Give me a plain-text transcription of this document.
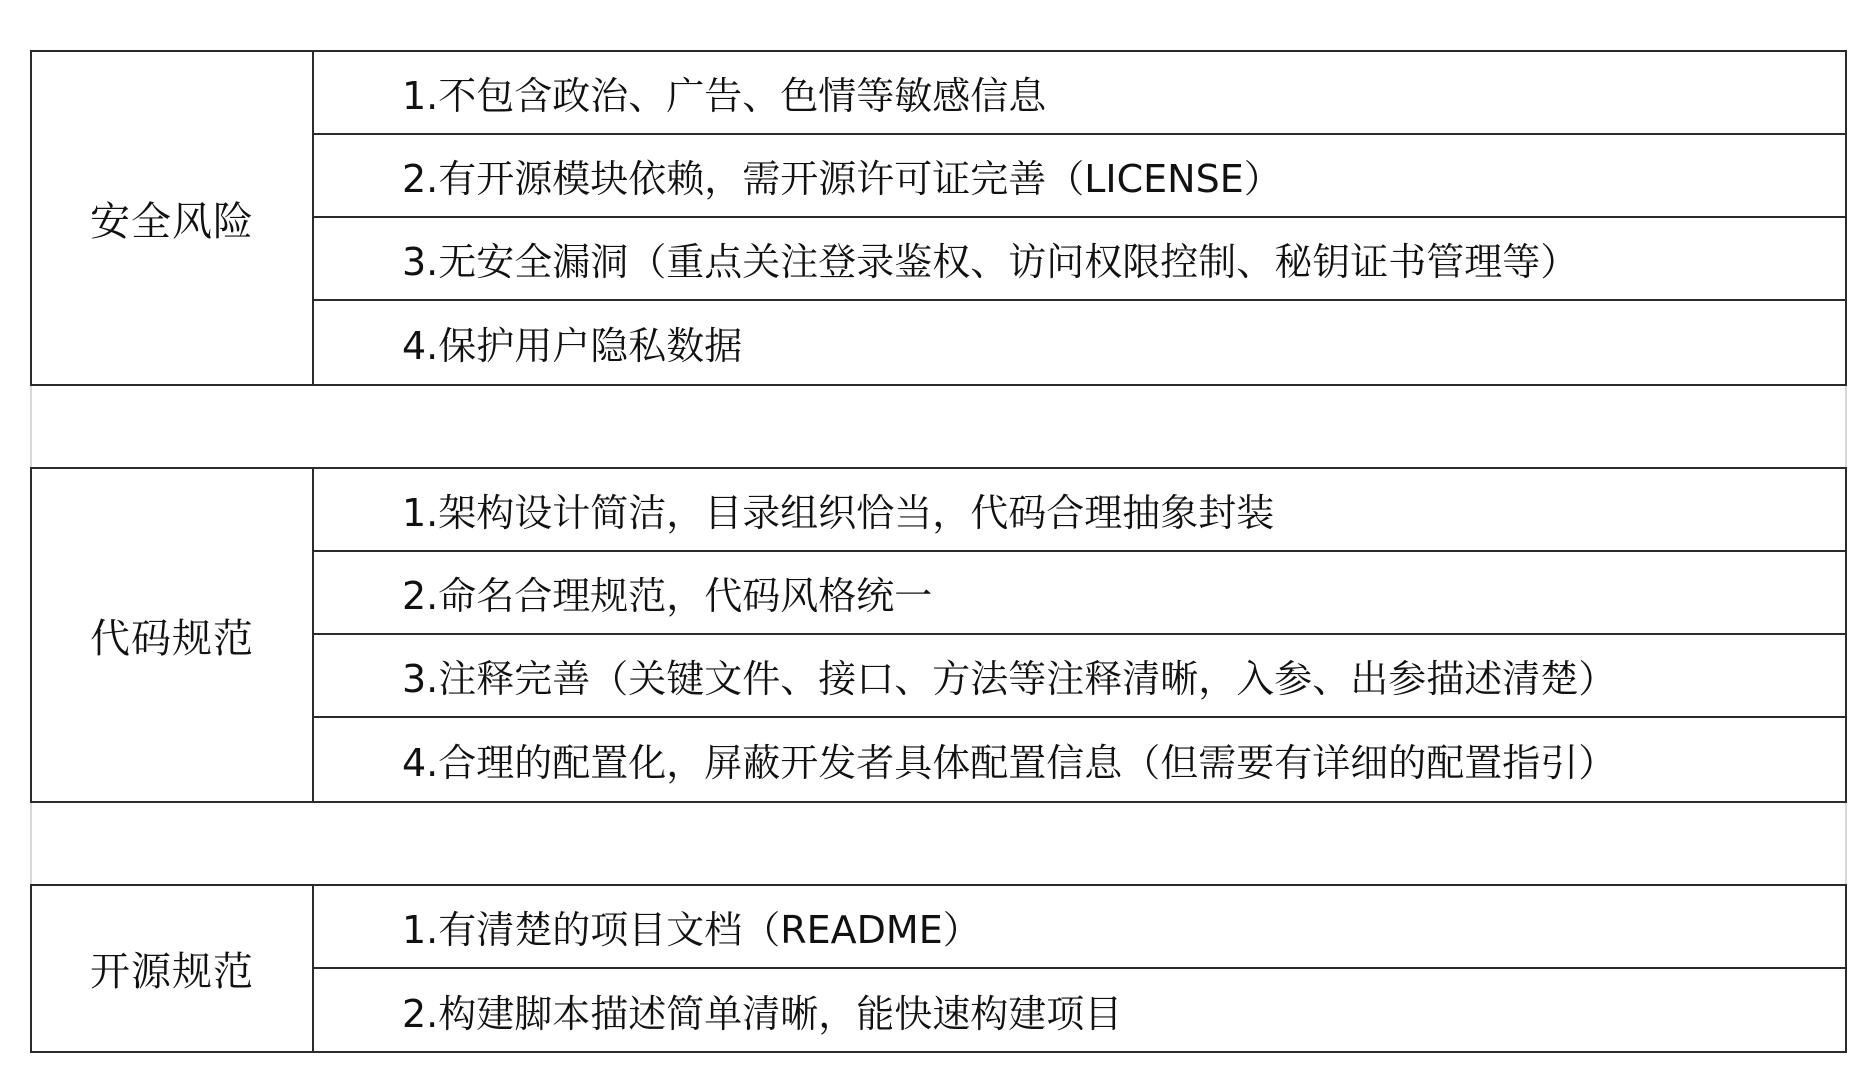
安全风险
1.不包含政治、广告、色情等敏感信息
2.有开源模块依赖，需开源许可证完善（LICENSE）
3.无安全漏洞（重点关注登录鉴权、访问权限控制、秘钥证书管理等）
4.保护用户隐私数据
代码规范
1.架构设计简洁，目录组织恰当，代码合理抽象封装
2.命名合理规范，代码风格统一
3.注释完善（关键文件、接口、方法等注释清晰，入参、出参描述清楚）
4.合理的配置化，屏蔽开发者具体配置信息（但需要有详细的配置指引）
开源规范
1.有清楚的项目文档（README）
2.构建脚本描述简单清晰，能快速构建项目
